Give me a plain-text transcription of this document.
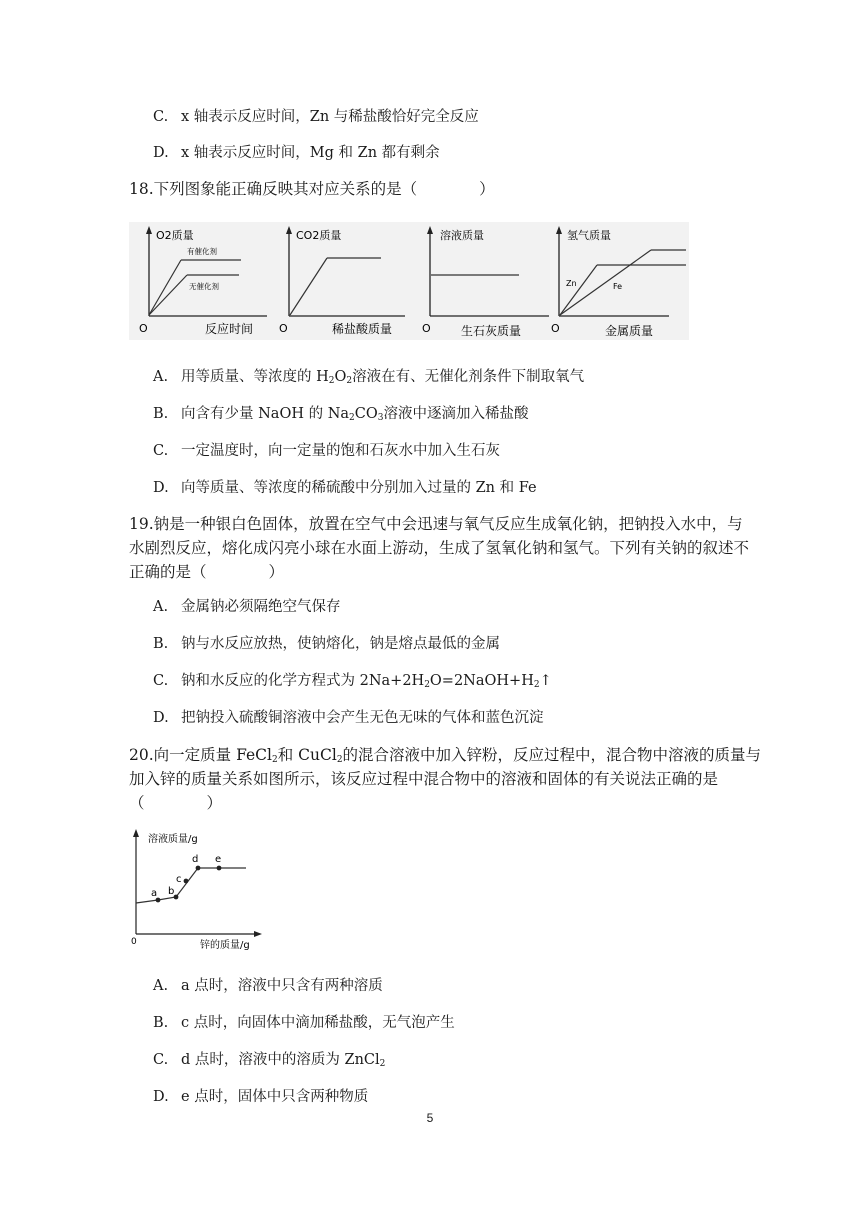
C. x 轴表示反应时间，Zn 与稀盐酸恰好完全反应
D. x 轴表示反应时间，Mg 和 Zn 都有剩余
18.下列图象能正确反映其对应关系的是（　　　　）
O2质量
有催化剂
无催化剂
O	反应时间
CO2质量
O	稀盐酸质量
溶液质量
O	生石灰质量
氢气质量
Zn	Fe
O	金属质量
A. 用等质量、等浓度的 $H_2O_2$溶液在有、无催化剂条件下制取氧气
B. 向含有少量 NaOH 的 $Na_2CO_3$溶液中逐滴加入稀盐酸
C. 一定温度时，向一定量的饱和石灰水中加入生石灰
D. 向等质量、等浓度的稀硫酸中分别加入过量的 Zn 和 Fe
19.钠是一种银白色固体，放置在空气中会迅速与氧气反应生成氧化钠，把钠投入水中，与
水剧烈反应，熔化成闪亮小球在水面上游动，生成了氢氧化钠和氢气。下列有关钠的叙述不
正确的是（　　　　）
A. 金属钠必须隔绝空气保存
B. 钠与水反应放热，使钠熔化，钠是熔点最低的金属
C. 钠和水反应的化学方程式为 $2Na+2H_2O=2NaOH+H_2↑$
D. 把钠投入硫酸铜溶液中会产生无色无味的气体和蓝色沉淀
20.向一定质量 FeCl$_2$和 CuCl$_2$的混合溶液中加入锌粉，反应过程中，混合物中溶液的质量与
加入锌的质量关系如图所示，该反应过程中混合物中的溶液和固体的有关说法正确的是
（　　　　）
a b
c
d e
溶液质量/g
0	锌的质量/g
A. a 点时，溶液中只含有两种溶质
B. c 点时，向固体中滴加稀盐酸，无气泡产生
C. d 点时，溶液中的溶质为 ZnCl$_2$
D. e 点时，固体中只含两种物质
5
